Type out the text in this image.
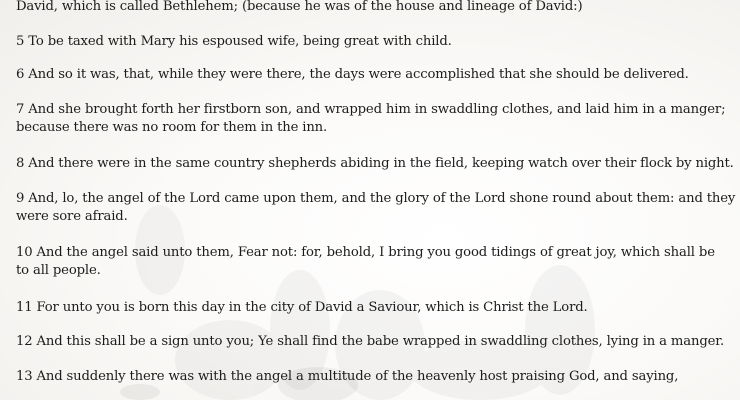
David, which is called Bethlehem; (because he was of the house and lineage of David:)
5 To be taxed with Mary his espoused wife, being great with child.
6 And so it was, that, while they were there, the days were accomplished that she should be delivered.
7 And she brought forth her firstborn son, and wrapped him in swaddling clothes, and laid him in a manger;
because there was no room for them in the inn.
8 And there were in the same country shepherds abiding in the field, keeping watch over their flock by night.
9 And, lo, the angel of the Lord came upon them, and the glory of the Lord shone round about them: and they
were sore afraid.
10 And the angel said unto them, Fear not: for, behold, I bring you good tidings of great joy, which shall be
to all people.
11 For unto you is born this day in the city of David a Saviour, which is Christ the Lord.
12 And this shall be a sign unto you; Ye shall find the babe wrapped in swaddling clothes, lying in a manger.
13 And suddenly there was with the angel a multitude of the heavenly host praising God, and saying,
